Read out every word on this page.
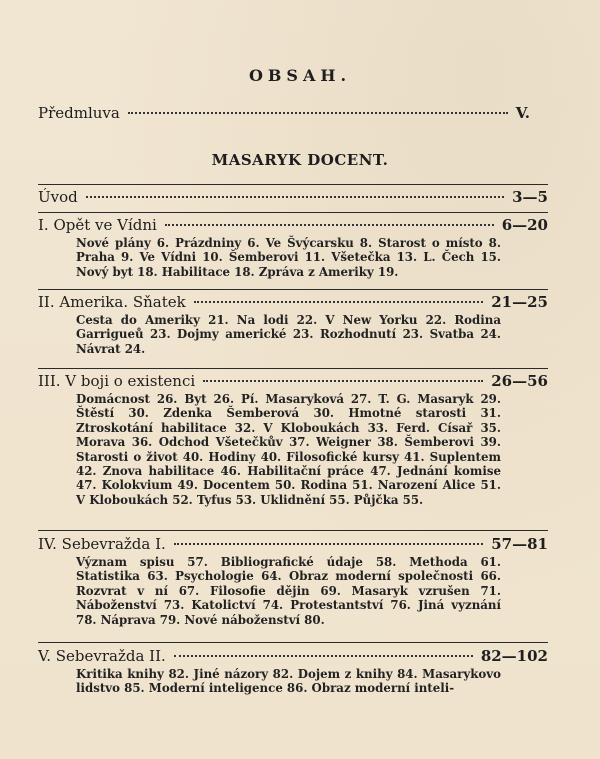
OBSAH.
Předmluva	V.
MASARYK DOCENT.
Úvod	3—5
I. Opět ve Vídni	6—20
Nové plány 6. Prázdniny 6. Ve Švýcarsku 8. Starost o místo 8. Praha 9. Ve Vídni 10. Šemberovi 11. Všetečka 13. L. Čech 15. Nový byt 18. Habilitace 18. Zpráva z Ameriky 19.
II. Amerika. Sňatek	21—25
Cesta do Ameriky 21. Na lodi 22. V New Yorku 22. Rodina Garrigueů 23. Dojmy americké 23. Rozhodnutí 23. Svatba 24. Návrat 24.
III. V boji o existenci	26—56
Domácnost 26. Byt 26. Pí. Masaryková 27. T. G. Masaryk 29. Štěstí 30. Zdenka Šemberová 30. Hmotné starosti 31. Ztroskotání habilitace 32. V Kloboukách 33. Ferd. Císař 35. Morava 36. Odchod Všetečkův 37. Weigner 38. Šemberovi 39. Starosti o život 40. Hodiny 40. Filosofické kursy 41. Suplentem 42. Znova habilitace 46. Habilitační práce 47. Jednání komise 47. Kolokvium 49. Docentem 50. Rodina 51. Narození Alice 51. V Kloboukách 52. Tyfus 53. Uklidnění 55. Půjčka 55.
IV. Sebevražda I.	57—81
Význam spisu 57. Bibliografické údaje 58. Methoda 61. Statistika 63. Psychologie 64. Obraz moderní společnosti 66. Rozvrat v ní 67. Filosofie dějin 69. Masaryk vzrušen 71. Náboženství 73. Katolictví 74. Protestantství 76. Jiná vyznání 78. Náprava 79. Nové náboženství 80.
V. Sebevražda II.	82—102
Kritika knihy 82. Jiné názory 82. Dojem z knihy 84. Masarykovo lidstvo 85. Moderní inteligence 86. Obraz moderní inteli-
